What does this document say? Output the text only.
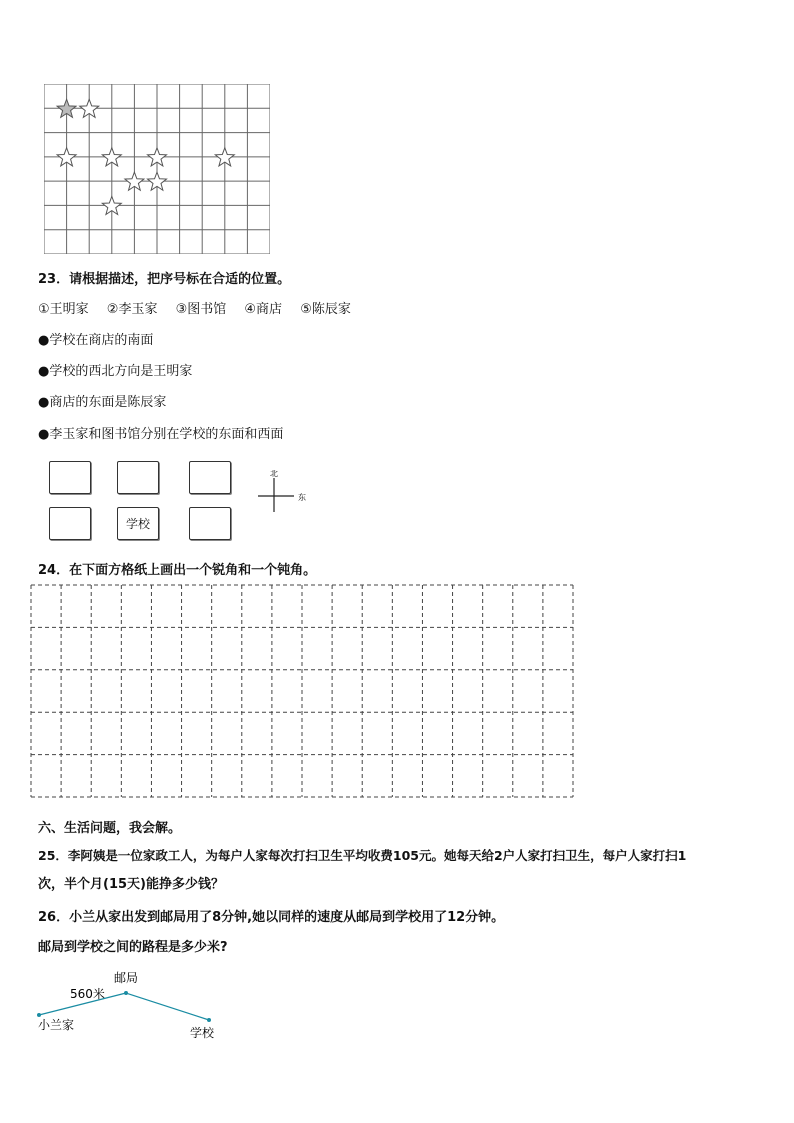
23．请根据描述，把序号标在合适的位置。
①王明家 ②李玉家 ③图书馆 ④商店 ⑤陈辰家
●学校在商店的南面
●学校的西北方向是王明家
●商店的东面是陈辰家
●李玉家和图书馆分别在学校的东面和西面
学校
北
东
24．在下面方格纸上画出一个锐角和一个钝角。
六、生活问题，我会解。
25．李阿姨是一位家政工人，为每户人家每次打扫卫生平均收费105元。她每天给2户人家打扫卫生，每户人家打扫1
次，半个月(15天)能挣多少钱？
26．小兰从家出发到邮局用了8分钟,她以同样的速度从邮局到学校用了12分钟。
邮局到学校之间的路程是多少米?
邮局
560米
小兰家
学校
